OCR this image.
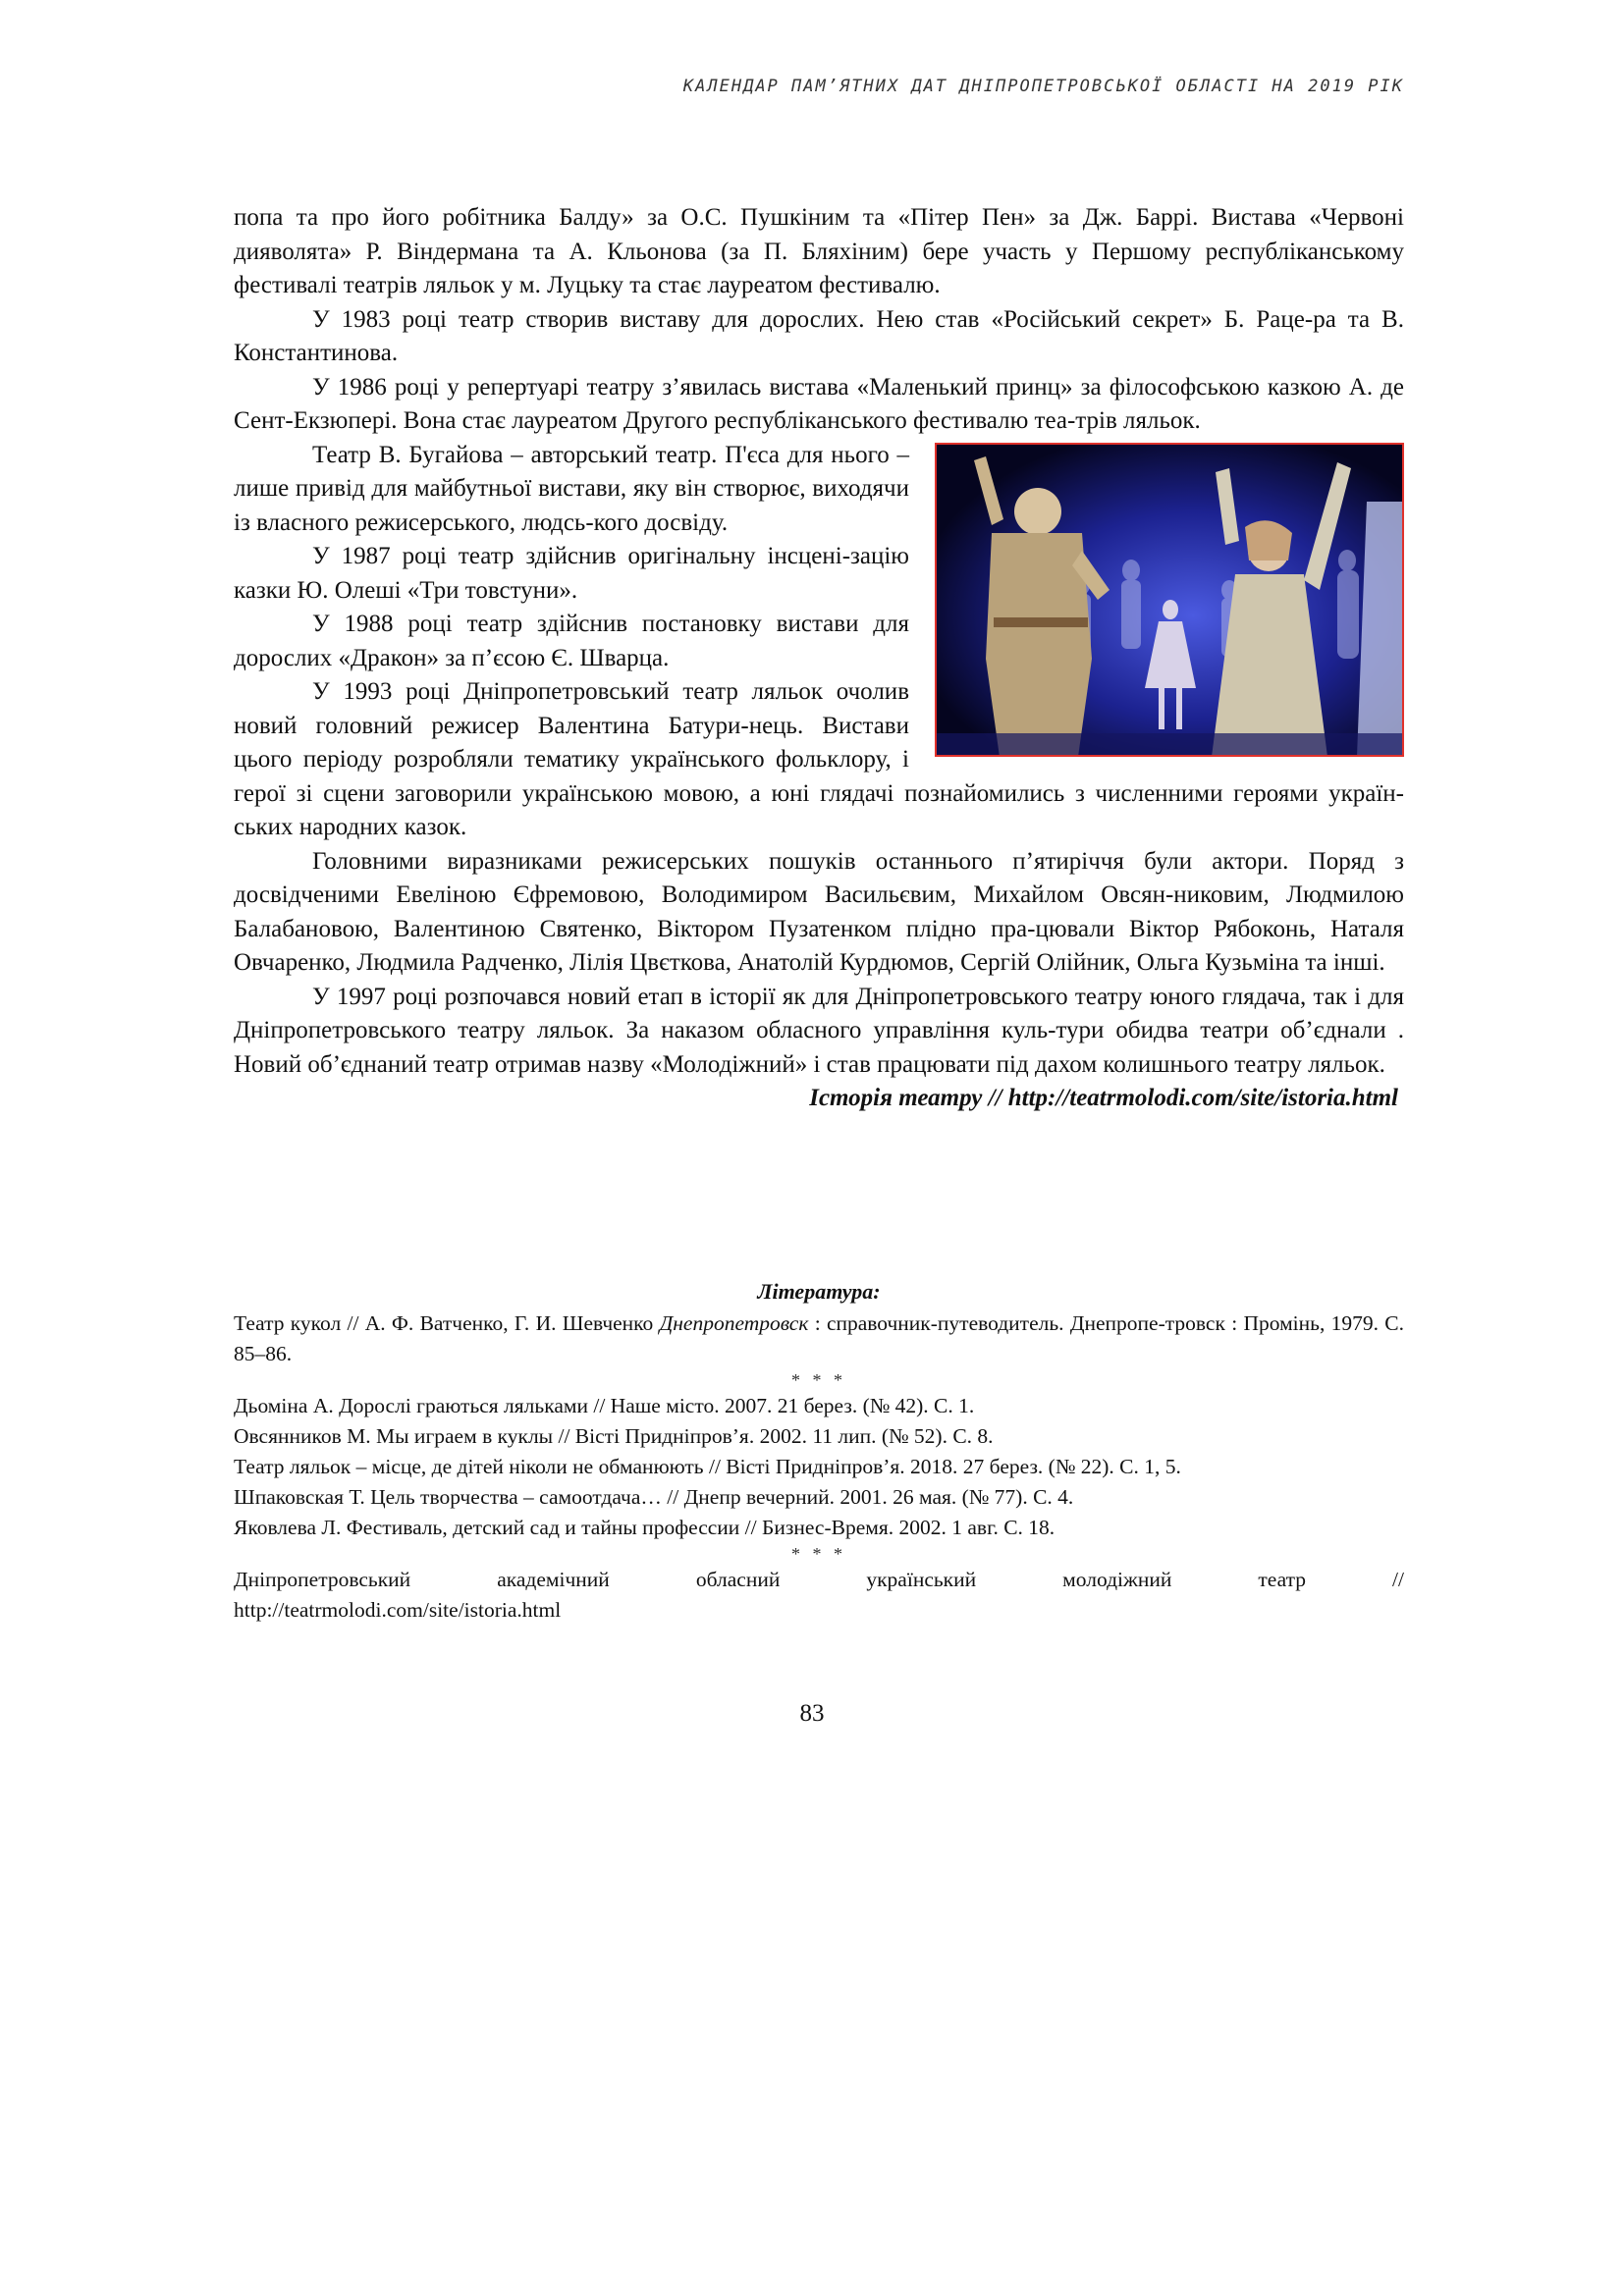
КАЛЕНДАР ПАМ’ЯТНИХ ДАТ ДНІПРОПЕТРОВСЬКОЇ ОБЛАСТІ НА 2019 РІК

попа та про його робітника Балду» за О.С. Пушкіним та «Пітер Пен» за Дж. Баррі. Вистава «Червоні дияволята» Р. Віндермана та А. Кльонова (за П. Бляхіним) бере участь у Першому республіканському фестивалі театрів ляльок у м. Луцьку та стає лауреатом фестивалю.

У 1983 році театр створив виставу для дорослих. Нею став «Російський секрет» Б. Раце-ра та В. Константинова.

У 1986 році у репертуарі театру з’явилась вистава «Маленький принц» за філософською казкою А. де Сент-Екзюпері. Вона стає лауреатом Другого республіканського фестивалю теа-трів ляльок.

Театр В. Бугайова – авторський театр. П'єса для нього – лише привід для майбутньої вистави, яку він створює, виходячи із власного режисерського, людсь-кого досвіду.

У 1987 році театр здійснив оригінальну інсцені-зацію казки Ю. Олеші «Три товстуни».

У 1988 році театр здійснив постановку вистави для дорослих «Дракон» за п’єсою Є. Шварца.

У 1993 році Дніпропетровський театр ляльок очолив новий головний режисер Валентина Батури-нець. Вистави цього періоду розробляли тематику українського фольклору, і герої зі сцени заговорили українською мовою, а юні глядачі познайомились з численними героями україн-ських народних казок.

Головними виразниками режисерських пошуків останнього п’ятиріччя були актори. Поряд з досвідченими Евеліною Єфремовою, Володимиром Васильєвим, Михайлом Овсян-никовим, Людмилою Балабановою, Валентиною Святенко, Віктором Пузатенком плідно пра-цювали Віктор Рябоконь, Наталя Овчаренко, Людмила Радченко, Лілія Цвєткова, Анатолій Курдюмов, Сергій Олійник, Ольга Кузьміна та інші.

У 1997 році розпочався новий етап в історії як для Дніпропетровського театру юного глядача, так і для Дніпропетровського театру ляльок. За наказом обласного управління куль-тури обидва театри об’єднали . Новий об’єднаний театр отримав назву «Молодіжний» і став працювати під дахом колишнього театру ляльок.

Історія театру // http://teatrmolodi.com/site/istoria.html

Література:

Театр кукол // А. Ф. Ватченко, Г. И. Шевченко Днепропетровск : справочник-путеводитель. Днепропе-тровск : Промінь, 1979. С. 85–86.

* * *

Дьоміна А. Дорослі граються ляльками // Наше місто. 2007. 21 берез. (№ 42). С. 1.

Овсянников М. Мы играем в куклы // Вісті Придніпров’я. 2002. 11 лип. (№ 52). С. 8.

Театр ляльок – місце, де дітей ніколи не обманюють // Вісті Придніпров’я. 2018. 27 берез. (№ 22). С. 1, 5.

Шпаковская Т. Цель творчества – самоотдача… // Днепр вечерний. 2001. 26 мая. (№ 77). С. 4.

Яковлева Л. Фестиваль, детский сад и тайны профессии // Бизнес-Время. 2002. 1 авг. С. 18.

* * *

Дніпропетровський академічний обласний український молодіжний театр //

http://teatrmolodi.com/site/istoria.html

83
